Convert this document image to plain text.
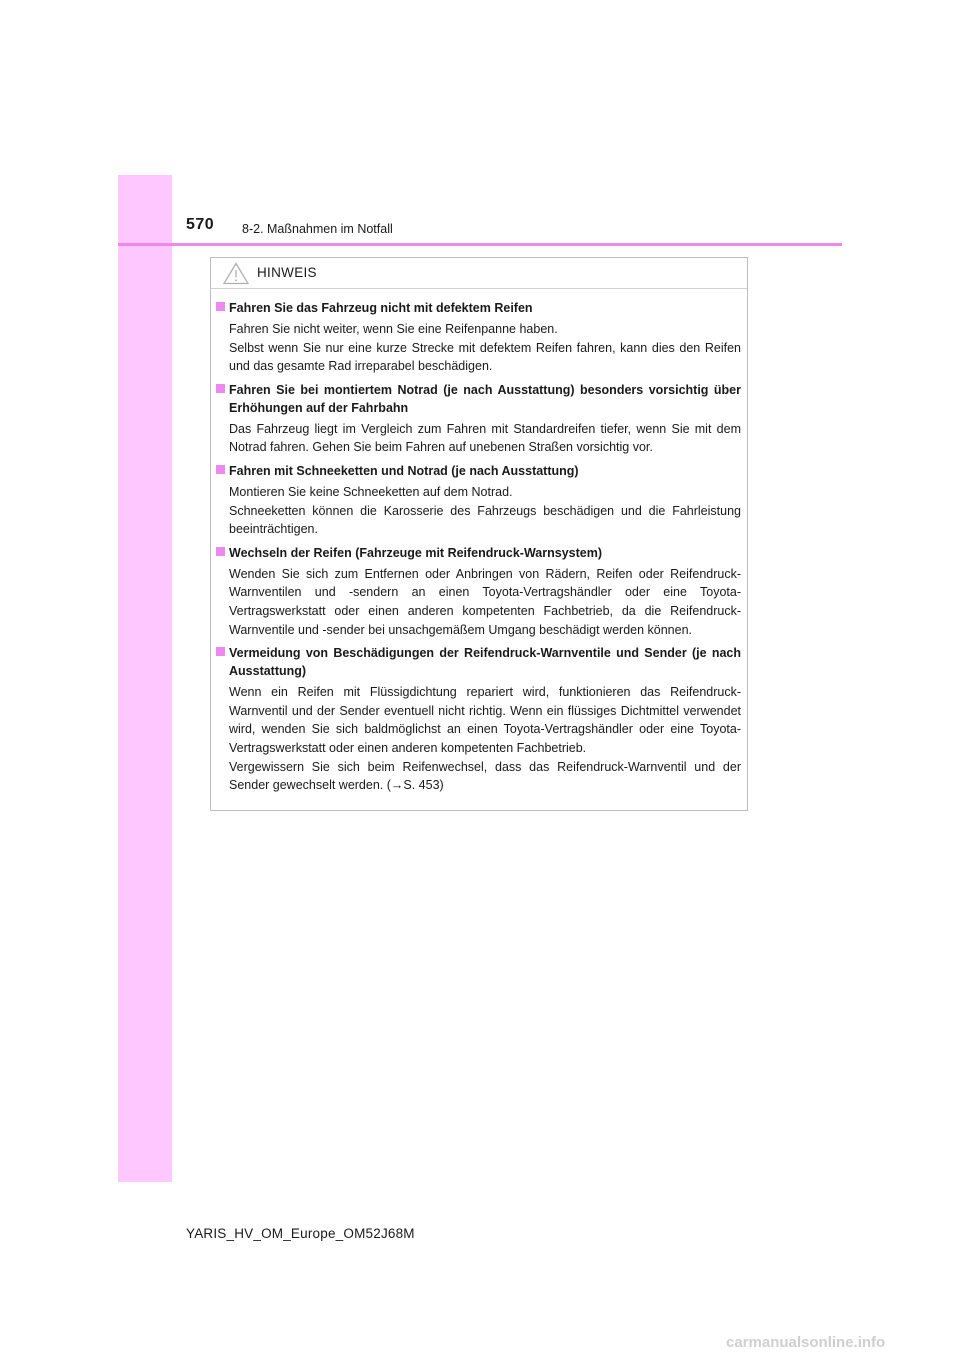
570 8-2. Maßnahmen im Notfall
HINWEIS
Fahren Sie das Fahrzeug nicht mit defektem Reifen

Fahren Sie nicht weiter, wenn Sie eine Reifenpanne haben.

Selbst wenn Sie nur eine kurze Strecke mit defektem Reifen fahren, kann dies den Reifen und das gesamte Rad irreparabel beschädigen.

Fahren Sie bei montiertem Notrad (je nach Ausstattung) besonders vorsichtig über Erhöhungen auf der Fahrbahn

Das Fahrzeug liegt im Vergleich zum Fahren mit Standardreifen tiefer, wenn Sie mit dem Notrad fahren. Gehen Sie beim Fahren auf unebenen Straßen vorsichtig vor.

Fahren mit Schneeketten und Notrad (je nach Ausstattung)

Montieren Sie keine Schneeketten auf dem Notrad.

Schneeketten können die Karosserie des Fahrzeugs beschädigen und die Fahrleistung beeinträchtigen.

Wechseln der Reifen (Fahrzeuge mit Reifendruck-Warnsystem)

Wenden Sie sich zum Entfernen oder Anbringen von Rädern, Reifen oder Reifendruck-Warnventilen und -sendern an einen Toyota-Vertragshändler oder eine Toyota-Vertragswerkstatt oder einen anderen kompetenten Fachbetrieb, da die Reifendruck-Warnventile und -sender bei unsachgemäßem Umgang beschädigt werden können.

Vermeidung von Beschädigungen der Reifendruck-Warnventile und Sender (je nach Ausstattung)

Wenn ein Reifen mit Flüssigdichtung repariert wird, funktionieren das Reifendruck-Warnventil und der Sender eventuell nicht richtig. Wenn ein flüssiges Dichtmittel verwendet wird, wenden Sie sich baldmöglichst an einen Toyota-Vertragshändler oder eine Toyota-Vertragswerkstatt oder einen anderen kompetenten Fachbetrieb.

Vergewissern Sie sich beim Reifenwechsel, dass das Reifendruck-Warnventil und der Sender gewechselt werden. (→S. 453)

YARIS_HV_OM_Europe_OM52J68M
carmanualsonline.info
